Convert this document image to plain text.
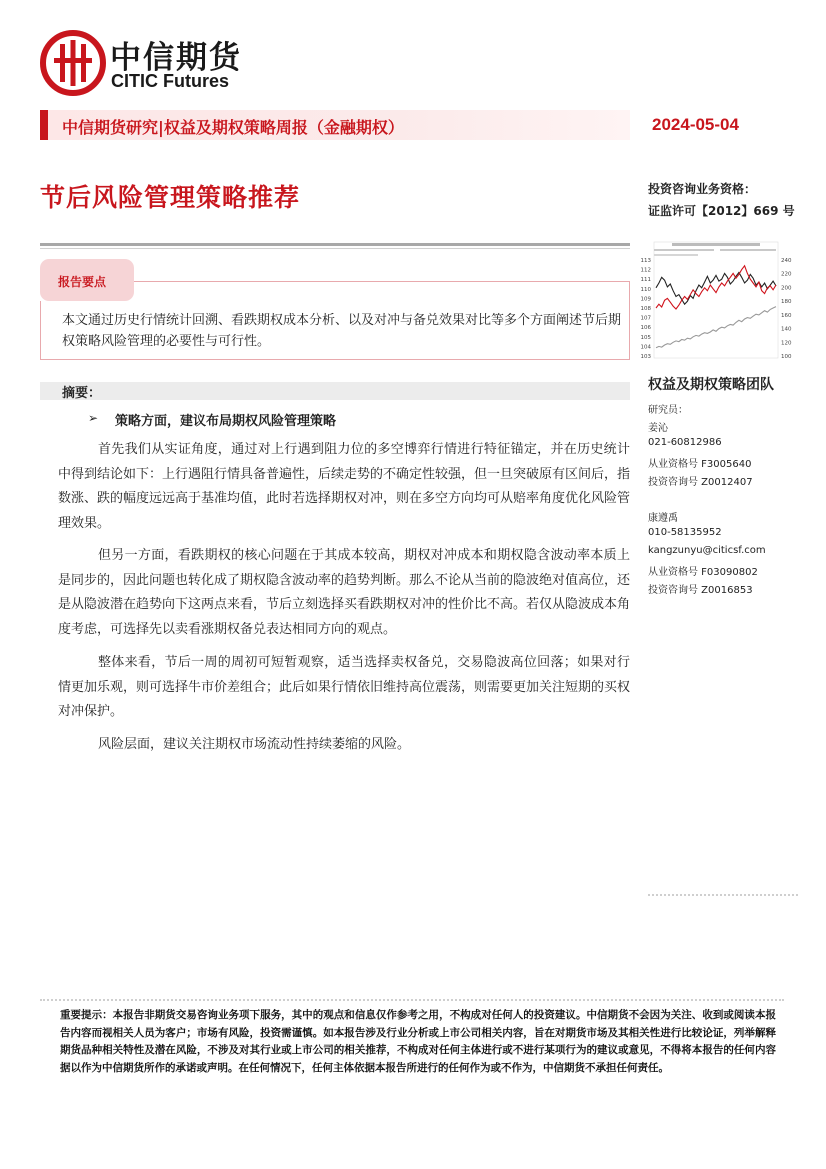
中信期货
CITIC Futures
中信期货研究|权益及期权策略周报（金融期权）	2024-05-04
节后风险管理策略推荐	投资咨询业务资格：
证监许可【2012】669 号
103
104
105
106
107
108
109
110
111
112
113
100
120
140
160
180
200
220
240
报告要点
本文通过历史行情统计回溯、看跌期权成本分析、以及对冲与备兑效果对比等多个方面阐述节后期权策略风险管理的必要性与可行性。
摘要：
➢ 策略方面，建议布局期权风险管理策略
首先我们从实证角度，通过对上行遇到阻力位的多空博弈行情进行特征锚定，并在历史统计中得到结论如下：上行遇阻行情具备普遍性，后续走势的不确定性较强，但一旦突破原有区间后，指数涨、跌的幅度远远高于基准均值，此时若选择期权对冲，则在多空方向均可从赔率角度优化风险管理效果。
但另一方面，看跌期权的核心问题在于其成本较高，期权对冲成本和期权隐含波动率本质上是同步的，因此问题也转化成了期权隐含波动率的趋势判断。那么不论从当前的隐波绝对值高位，还是从隐波潜在趋势向下这两点来看，节后立刻选择买看跌期权对冲的性价比不高。若仅从隐波成本角度考虑，可选择先以卖看涨期权备兑表达相同方向的观点。
整体来看，节后一周的周初可短暂观察，适当选择卖权备兑，交易隐波高位回落；如果对行情更加乐观，则可选择牛市价差组合；此后如果行情依旧维持高位震荡，则需要更加关注短期的买权对冲保护。
风险层面，建议关注期权市场流动性持续萎缩的风险。
权益及期权策略团队
研究员：
姜沁
021-60812986
从业资格号 F3005640
投资咨询号 Z0012407
康遵禹
010-58135952
kangzunyu@citicsf.com
从业资格号 F03090802
投资咨询号 Z0016853
重要提示：本报告非期货交易咨询业务项下服务，其中的观点和信息仅作参考之用，不构成对任何人的投资建议。中信期货不会因为关注、收到或阅读本报告内容而视相关人员为客户；市场有风险，投资需谨慎。如本报告涉及行业分析或上市公司相关内容，旨在对期货市场及其相关性进行比较论证，列举解释期货品种相关特性及潜在风险，不涉及对其行业或上市公司的相关推荐，不构成对任何主体进行或不进行某项行为的建议或意见，不得将本报告的任何内容据以作为中信期货所作的承诺或声明。在任何情况下，任何主体依据本报告所进行的任何作为或不作为，中信期货不承担任何责任。
